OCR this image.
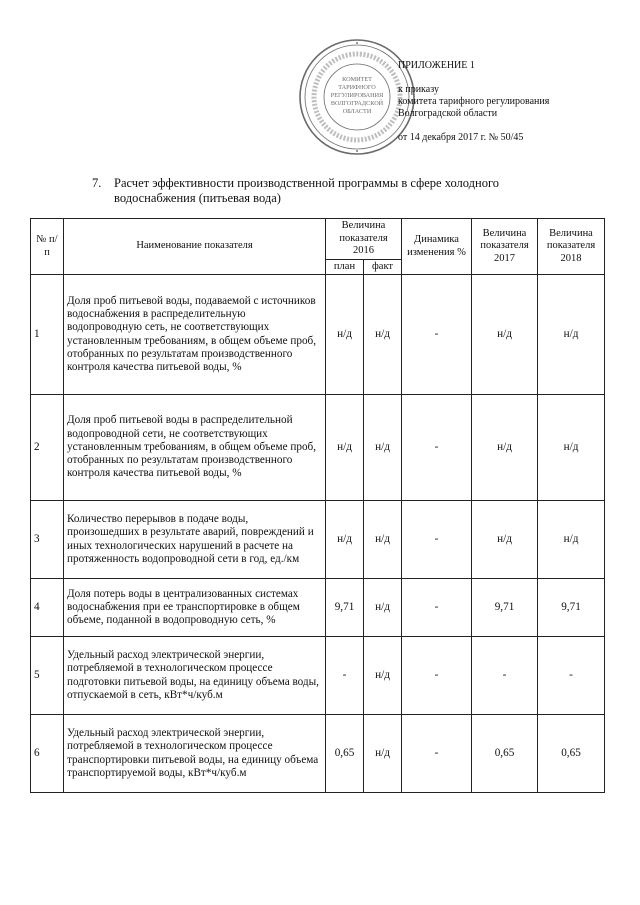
КОМИТЕТ
ТАРИФНОГО
РЕГУЛИРОВАНИЯ
ВОЛГОГРАДСКОЙ
ОБЛАСТИ
ПРИЛОЖЕНИЕ 1
к приказу
комитета тарифного регулирования
Волгоградской области
от 14 декабря 2017 г. № 50/45
7. Расчет эффективности производственной программы в сфере холодного
водоснабжения (питьевая вода)
№ п/п	Наименование показателя	Величина показателя 2016		Динамика изменения %	Величина показателя 2017	Величина показателя 2018
		план	факт			
1	Доля проб питьевой воды, подаваемой с источников водоснабжения в распределительную водопроводную сеть, не соответствующих установленным требованиям, в общем объеме проб, отобранных по результатам производственного контроля качества питьевой воды, %	н/д	н/д	-	н/д	н/д
2	Доля проб питьевой воды в распределительной водопроводной сети, не соответствующих установленным требованиям, в общем объеме проб, отобранных по результатам производственного контроля качества питьевой воды, %	н/д	н/д	-	н/д	н/д
3	Количество перерывов в подаче воды, произошедших в результате аварий, повреждений и иных технологических нарушений в расчете на протяженность водопроводной сети в год, ед./км	н/д	н/д	-	н/д	н/д
4	Доля потерь воды в централизованных системах водоснабжения при ее транспортировке в общем объеме, поданной в водопроводную сеть, %	9,71	н/д	-	9,71	9,71
5	Удельный расход электрической энергии, потребляемой в технологическом процессе подготовки питьевой воды, на единицу объема воды, отпускаемой в сеть, кВт*ч/куб.м	-	н/д	-	-	-
6	Удельный расход электрической энергии, потребляемой в технологическом процессе транспортировки питьевой воды, на единицу объема транспортируемой воды, кВт*ч/куб.м	0,65	н/д	-	0,65	0,65
